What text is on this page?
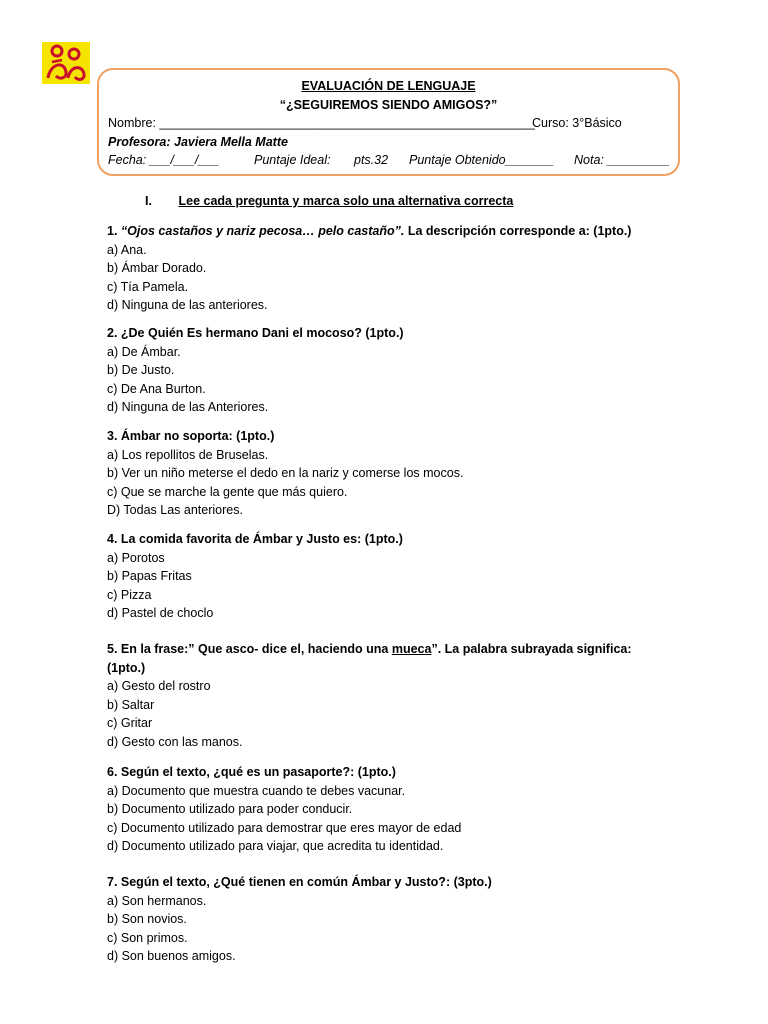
EVALUACIÓN DE LENGUAJE
“¿SEGUIREMOS SIENDO AMIGOS?”
Nombre: ______________________________________________________
Curso: 3°Básico
Profesora: Javiera Mella Matte
Fecha: ___/___/___	Puntaje Ideal: pts.32 Puntaje Obtenido_______ Nota: _________
I. Lee cada pregunta y marca solo una alternativa correcta
1. “Ojos castaños y nariz pecosa… pelo castaño”. La descripción corresponde a: (1pto.)
a) Ana.
b) Ámbar Dorado.
c) Tía Pamela.
d) Ninguna de las anteriores.
2. ¿De Quién Es hermano Dani el mocoso? (1pto.)
a) De Ámbar.
b) De Justo.
c) De Ana Burton.
d) Ninguna de las Anteriores.
3. Ámbar no soporta: (1pto.)
a) Los repollitos de Bruselas.
b) Ver un niño meterse el dedo en la nariz y comerse los mocos.
c) Que se marche la gente que más quiero.
D) Todas Las anteriores.
4. La comida favorita de Ámbar y Justo es: (1pto.)
a) Porotos
b) Papas Fritas
c) Pizza
d) Pastel de choclo
5. En la frase:” Que asco- dice el, haciendo una mueca”. La palabra subrayada significa: (1pto.)
a) Gesto del rostro
b) Saltar
c) Gritar
d) Gesto con las manos.
6. Según el texto, ¿qué es un pasaporte?: (1pto.)
a) Documento que muestra cuando te debes vacunar.
b) Documento utilizado para poder conducir.
c) Documento utilizado para demostrar que eres mayor de edad
d) Documento utilizado para viajar, que acredita tu identidad.
7. Según el texto, ¿Qué tienen en común Ámbar y Justo?: (3pto.)
a) Son hermanos.
b) Son novios.
c) Son primos.
d) Son buenos amigos.
